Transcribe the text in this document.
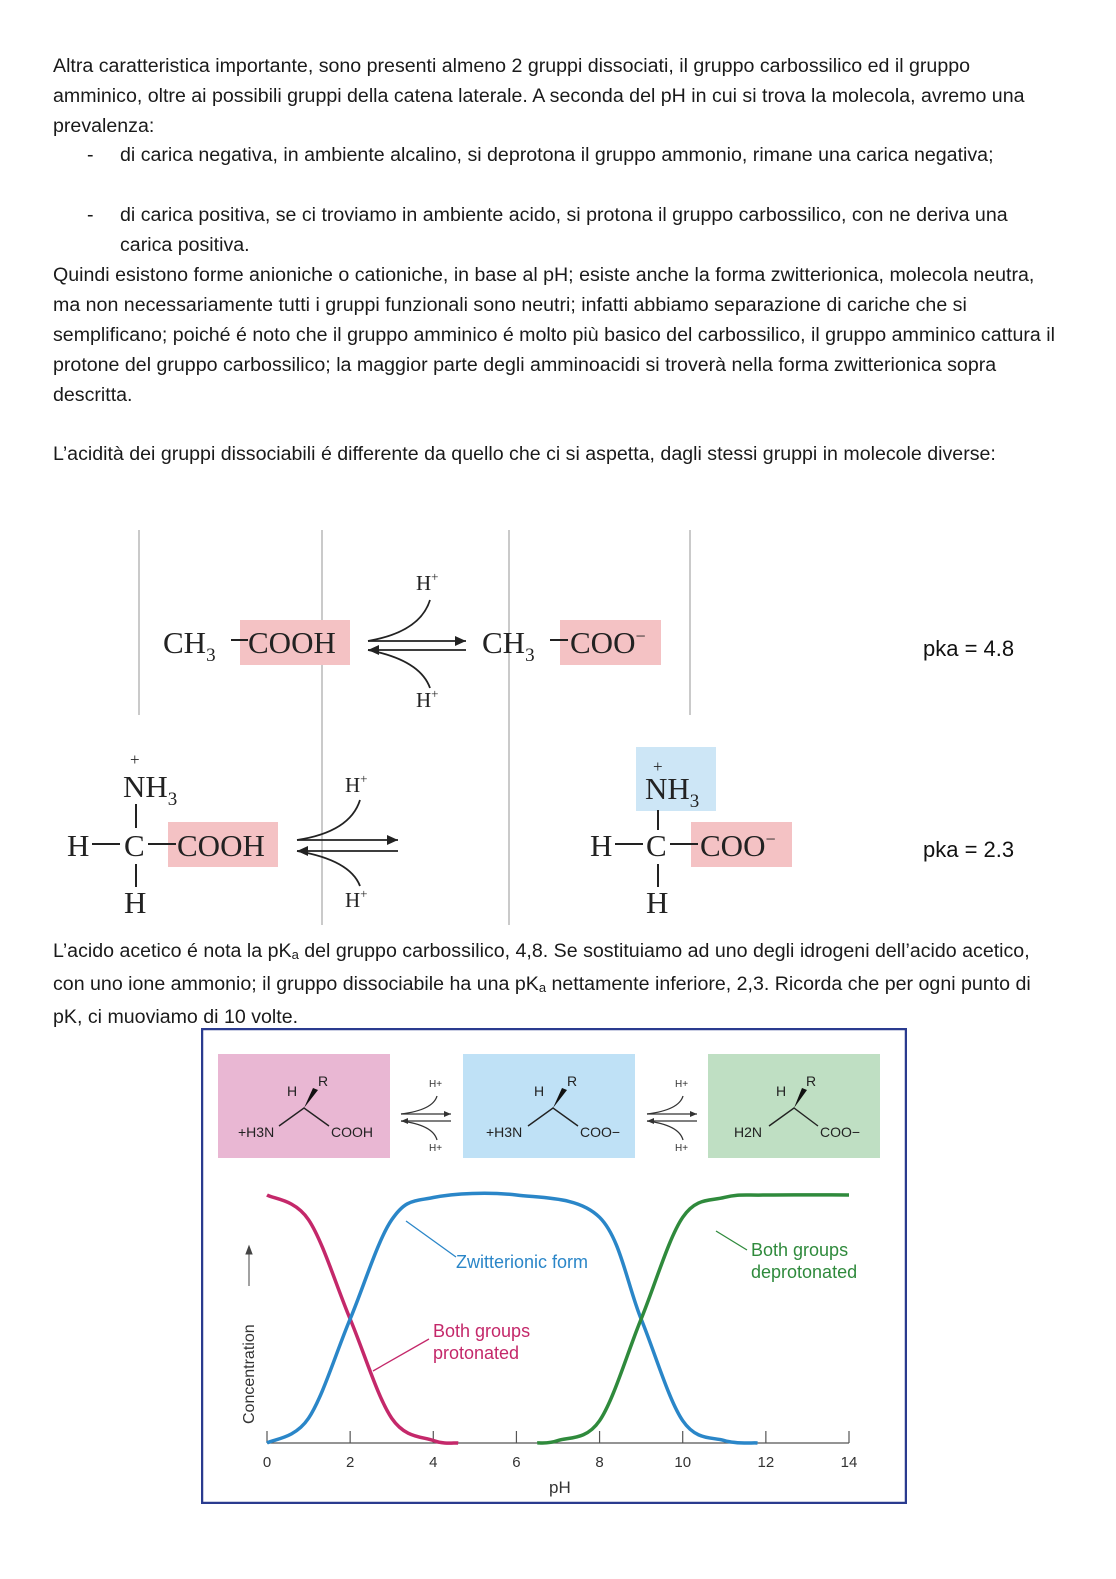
Altra caratteristica importante, sono presenti almeno 2 gruppi dissociati, il gruppo carbossilico ed il gruppo amminico, oltre ai possibili gruppi della catena laterale. A seconda del pH in cui si trova la molecola, avremo una prevalenza:
- di carica negativa, in ambiente alcalino, si deprotona il gruppo ammonio, rimane una carica negativa;
- di carica positiva, se ci troviamo in ambiente acido, si protona il gruppo carbossilico, con ne deriva una carica positiva.
Quindi esistono forme anioniche o cationiche, in base al pH; esiste anche la forma zwitterionica, molecola neutra, ma non necessariamente tutti i gruppi funzionali sono neutri; infatti abbiamo separazione di cariche che si semplificano; poiché é noto che il gruppo amminico é molto più basico del carbossilico, il gruppo amminico cattura il protone del gruppo carbossilico; la maggior parte degli amminoacidi si troverà nella forma zwitterionica sopra descritta.
L’acidità dei gruppi dissociabili é differente da quello che ci si aspetta, dagli stessi gruppi in molecole diverse:
$CH_3$ COOH
H+
H+
$CH_3$ COO−	pka = 4.8
+
$NH_3$
H C COOH
H
H+
H+
+
$NH_3$
H C COO−
H
pka = 2.3
L’acido acetico é nota la pKa del gruppo carbossilico, 4,8. Se sostituiamo ad uno degli idrogeni dell’acido acetico, con uno ione ammonio; il gruppo dissociabile ha una pKa nettamente inferiore, 2,3. Ricorda che per ogni punto di pK, ci muoviamo di 10 volte.
H
R
+H3N	COOH
H
R
+H3N	COO−
H
R
H2N	COO−
H+
H+
H+
H+
0	2	4	6	8	10	12	14
pH
Concentration
Zwitterionic form
Both groups
protonated
Both groups
deprotonated
